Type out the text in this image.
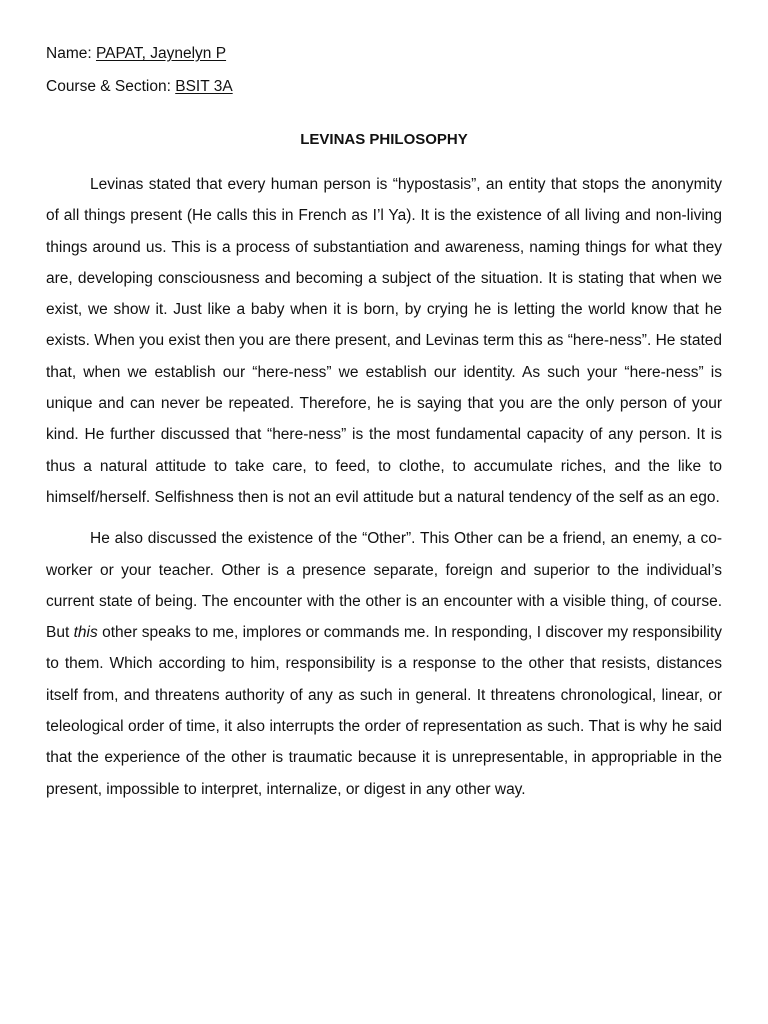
Name: PAPAT, Jaynelyn P
Course & Section: BSIT 3A
LEVINAS PHILOSOPHY

Levinas stated that every human person is “hypostasis”, an entity that stops the anonymity of all things present (He calls this in French as I’l Ya). It is the existence of all living and non-living things around us. This is a process of substantiation and awareness, naming things for what they are, developing consciousness and becoming a subject of the situation. It is stating that when we exist, we show it. Just like a baby when it is born, by crying he is letting the world know that he exists. When you exist then you are there present, and Levinas term this as “here-ness”. He stated that, when we establish our “here-ness” we establish our identity. As such your “here-ness” is unique and can never be repeated. Therefore, he is saying that you are the only person of your kind. He further discussed that “here-ness” is the most fundamental capacity of any person. It is thus a natural attitude to take care, to feed, to clothe, to accumulate riches, and the like to himself/herself. Selfishness then is not an evil attitude but a natural tendency of the self as an ego.

He also discussed the existence of the “Other”. This Other can be a friend, an enemy, a co-worker or your teacher. Other is a presence separate, foreign and superior to the individual’s current state of being. The encounter with the other is an encounter with a visible thing, of course. But this other speaks to me, implores or commands me. In responding, I discover my responsibility to them. Which according to him, responsibility is a response to the other that resists, distances itself from, and threatens authority of any as such in general. It threatens chronological, linear, or teleological order of time, it also interrupts the order of representation as such. That is why he said that the experience of the other is traumatic because it is unrepresentable, in appropriable in the present, impossible to interpret, internalize, or digest in any other way.
